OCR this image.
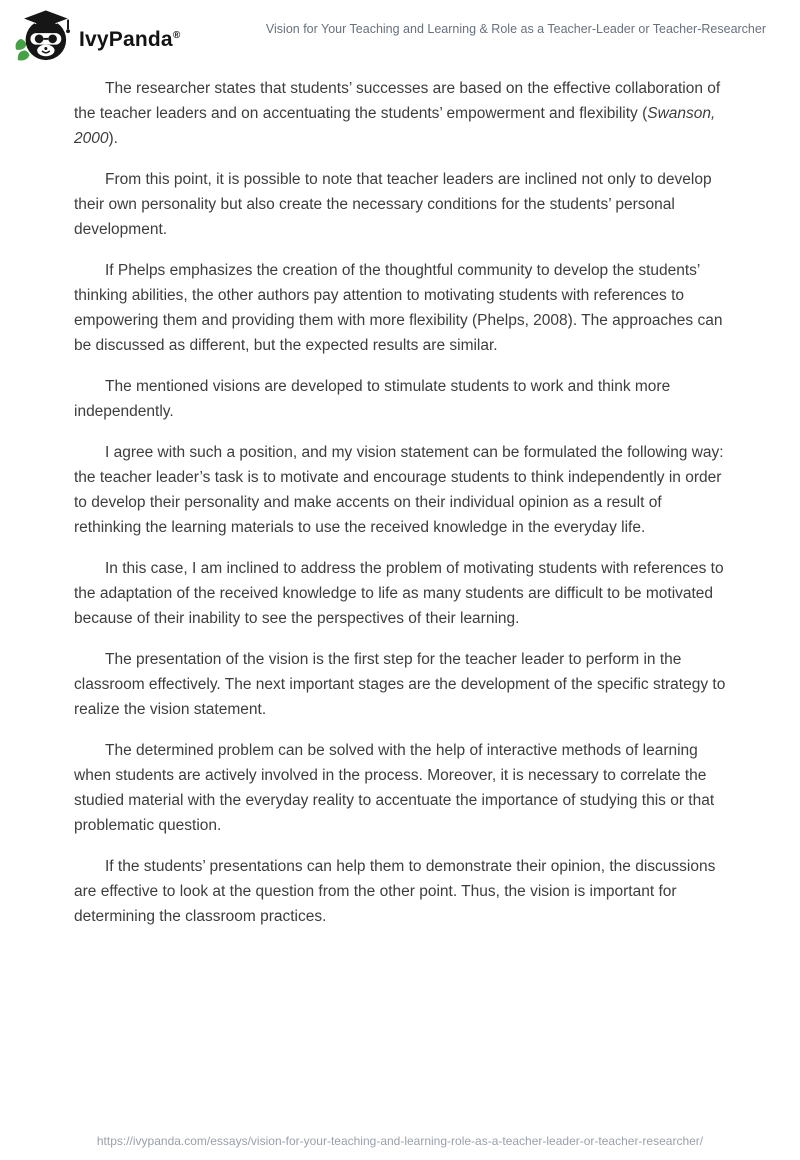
IvyPanda®	Vision for Your Teaching and Learning & Role as a Teacher-Leader or Teacher-Researcher

The researcher states that students’ successes are based on the effective collaboration of the teacher leaders and on accentuating the students’ empowerment and flexibility (Swanson, 2000).

From this point, it is possible to note that teacher leaders are inclined not only to develop their own personality but also create the necessary conditions for the students’ personal development.

If Phelps emphasizes the creation of the thoughtful community to develop the students’ thinking abilities, the other authors pay attention to motivating students with references to empowering them and providing them with more flexibility (Phelps, 2008). The approaches can be discussed as different, but the expected results are similar.

The mentioned visions are developed to stimulate students to work and think more independently.

I agree with such a position, and my vision statement can be formulated the following way: the teacher leader’s task is to motivate and encourage students to think independently in order to develop their personality and make accents on their individual opinion as a result of rethinking the learning materials to use the received knowledge in the everyday life.

In this case, I am inclined to address the problem of motivating students with references to the adaptation of the received knowledge to life as many students are difficult to be motivated because of their inability to see the perspectives of their learning.

The presentation of the vision is the first step for the teacher leader to perform in the classroom effectively. The next important stages are the development of the specific strategy to realize the vision statement.

The determined problem can be solved with the help of interactive methods of learning when students are actively involved in the process. Moreover, it is necessary to correlate the studied material with the everyday reality to accentuate the importance of studying this or that problematic question.

If the students’ presentations can help them to demonstrate their opinion, the discussions are effective to look at the question from the other point. Thus, the vision is important for determining the classroom practices.

https://ivypanda.com/essays/vision-for-your-teaching-and-learning-role-as-a-teacher-leader-or-teacher-researcher/
